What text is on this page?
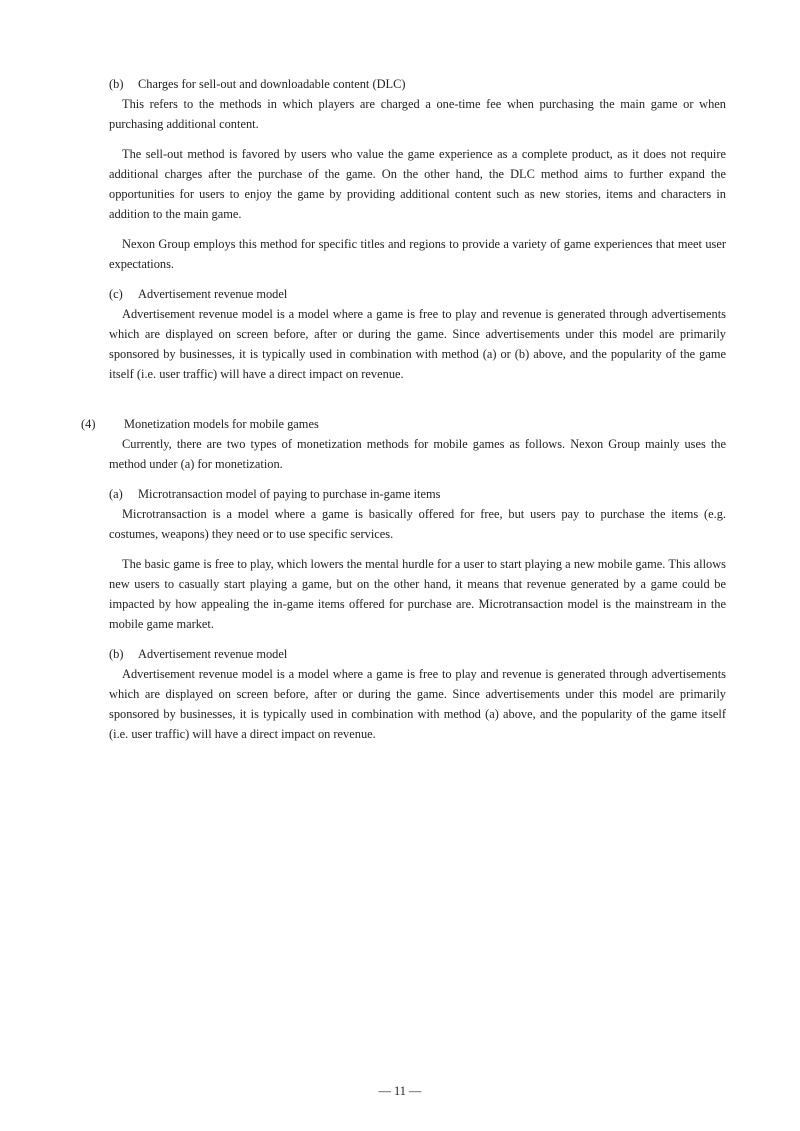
(b) Charges for sell-out and downloadable content (DLC)

This refers to the methods in which players are charged a one-time fee when purchasing the main game or when purchasing additional content.

The sell-out method is favored by users who value the game experience as a complete product, as it does not require additional charges after the purchase of the game. On the other hand, the DLC method aims to further expand the opportunities for users to enjoy the game by providing additional content such as new stories, items and characters in addition to the main game.

Nexon Group employs this method for specific titles and regions to provide a variety of game experiences that meet user expectations.

(c) Advertisement revenue model

Advertisement revenue model is a model where a game is free to play and revenue is generated through advertisements which are displayed on screen before, after or during the game. Since advertisements under this model are primarily sponsored by businesses, it is typically used in combination with method (a) or (b) above, and the popularity of the game itself (i.e. user traffic) will have a direct impact on revenue.

(4) Monetization models for mobile games

Currently, there are two types of monetization methods for mobile games as follows. Nexon Group mainly uses the method under (a) for monetization.

(a) Microtransaction model of paying to purchase in-game items

Microtransaction is a model where a game is basically offered for free, but users pay to purchase the items (e.g. costumes, weapons) they need or to use specific services.

The basic game is free to play, which lowers the mental hurdle for a user to start playing a new mobile game. This allows new users to casually start playing a game, but on the other hand, it means that revenue generated by a game could be impacted by how appealing the in-game items offered for purchase are. Microtransaction model is the mainstream in the mobile game market.

(b) Advertisement revenue model

Advertisement revenue model is a model where a game is free to play and revenue is generated through advertisements which are displayed on screen before, after or during the game. Since advertisements under this model are primarily sponsored by businesses, it is typically used in combination with method (a) above, and the popularity of the game itself (i.e. user traffic) will have a direct impact on revenue.

— 11 —
